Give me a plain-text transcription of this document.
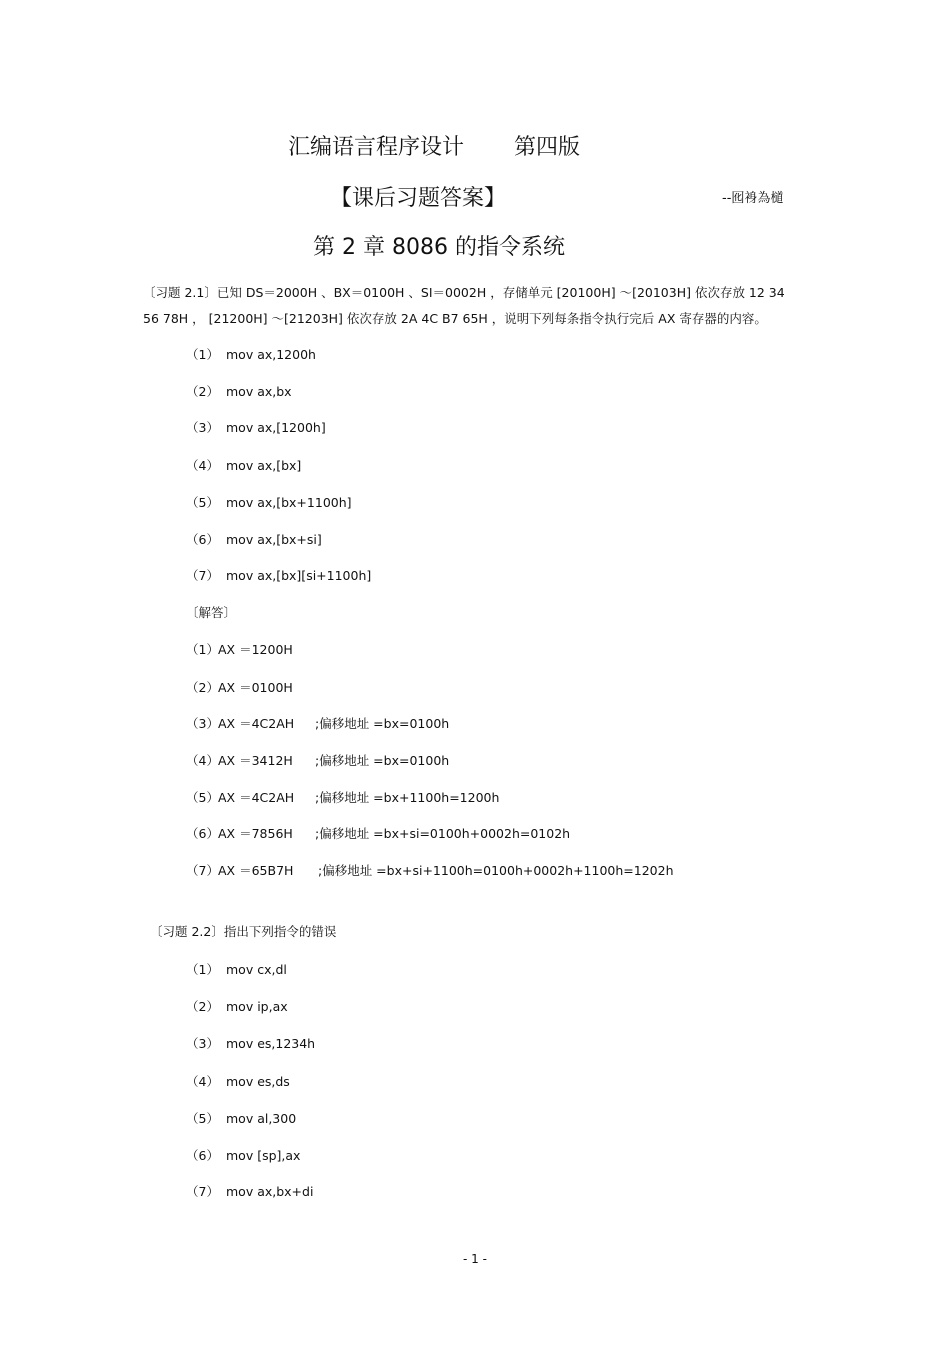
汇编语言程序设计 第四版
【课后习题答案】	--囮裑為檤
第 2 章 8086 的指令系统
〔习题 2.1〕已知 DS＝2000H 、BX＝0100H 、SI＝0002H ，存储单元 [20100H] ～[20103H] 依次存放 12 34
56 78H ， [21200H] ～[21203H] 依次存放 2A 4C B7 65H ，说明下列每条指令执行完后 AX 寄存器的内容。
（1） mov ax,1200h
（2） mov ax,bx
（3） mov ax,[1200h]
（4） mov ax,[bx]
（5） mov ax,[bx+1100h]
（6） mov ax,[bx+si]
（7） mov ax,[bx][si+1100h]
〔解答〕
（1）AX ＝1200H
（2）AX ＝0100H
（3）AX ＝4C2AH ;偏移地址 =bx=0100h
（4）AX ＝3412H ;偏移地址 =bx=0100h
（5）AX ＝4C2AH ;偏移地址 =bx+1100h=1200h
（6）AX ＝7856H ;偏移地址 =bx+si=0100h+0002h=0102h
（7）AX ＝65B7H ;偏移地址 =bx+si+1100h=0100h+0002h+1100h=1202h
〔习题 2.2〕指出下列指令的错误
（1） mov cx,dl
（2） mov ip,ax
（3） mov es,1234h
（4） mov es,ds
（5） mov al,300
（6） mov [sp],ax
（7） mov ax,bx+di
- 1 -
